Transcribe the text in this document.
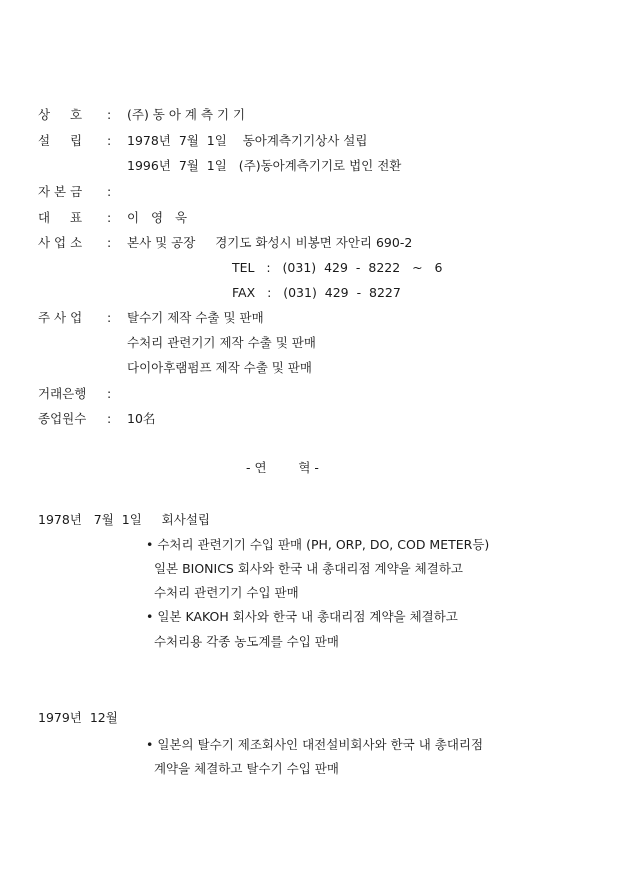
상     호 : (주) 동 아 계 측 기 기
설     립 : 1978년  7월  1일    동아계측기기상사 설립
1996년  7월  1일   (주)동아계측기기로 법인 전환
자 본 금 :
대     표 : 이   영   욱
사 업 소 : 본사 및 공장     경기도 화성시 비봉면 자안리 690-2
TEL   :   (031)  429  -  8222   ~   6
FAX   :   (031)  429  -  8227
주 사 업 : 탈수기 제작 수출 및 판매
수처리 관련기기 제작 수출 및 판매
다이아후램펌프 제작 수출 및 판매
거래은행 :
종업원수 : 10名
- 연        혁 -
1978년   7월  1일     회사설립
• 수처리 관련기기 수입 판매 (PH, ORP, DO, COD METER등)
일본 BIONICS 회사와 한국 내 총대리점 계약을 체결하고
수처리 관련기기 수입 판매
• 일본 KAKOH 회사와 한국 내 총대리점 계약을 체결하고
수처리용 각종 농도계를 수입 판매
1979년  12월
• 일본의 탈수기 제조회사인 대전설비회사와 한국 내 총대리점
계약을 체결하고 탈수기 수입 판매
